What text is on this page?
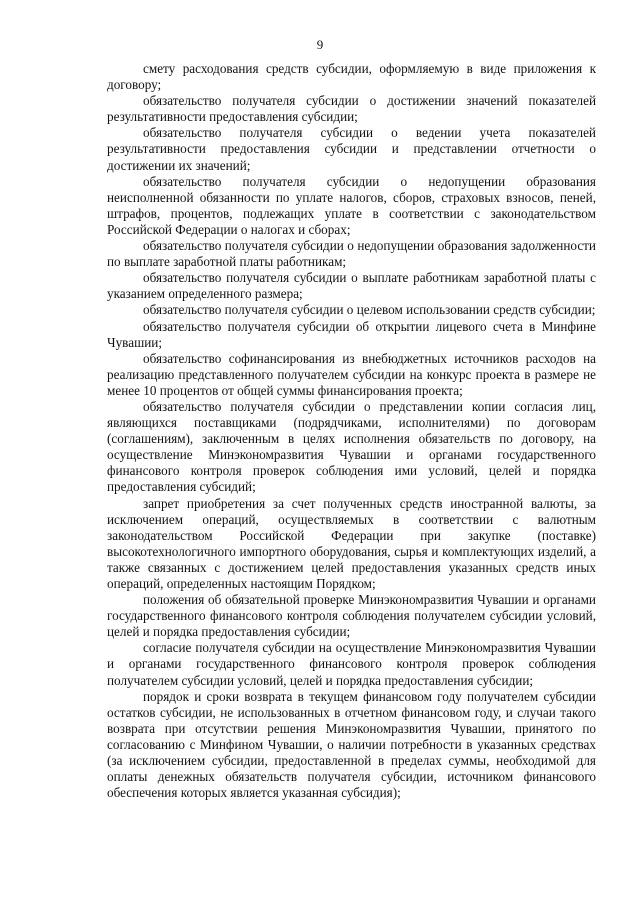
9

смету расходования средств субсидии, оформляемую в виде приложения к договору;

обязательство получателя субсидии о достижении значений показателей результативности предоставления субсидии;

обязательство получателя субсидии о ведении учета показателей результативности предоставления субсидии и представлении отчетности о достижении их значений;

обязательство получателя субсидии о недопущении образования неисполненной обязанности по уплате налогов, сборов, страховых взносов, пеней, штрафов, процентов, подлежащих уплате в соответствии с законодательством Российской Федерации о налогах и сборах;

обязательство получателя субсидии о недопущении образования задолженности по выплате заработной платы работникам;

обязательство получателя субсидии о выплате работникам заработной платы с указанием определенного размера;

обязательство получателя субсидии о целевом использовании средств субсидии;

обязательство получателя субсидии об открытии лицевого счета в Минфине Чувашии;

обязательство софинансирования из внебюджетных источников расходов на реализацию представленного получателем субсидии на конкурс проекта в размере не менее 10 процентов от общей суммы финансирования проекта;

обязательство получателя субсидии о представлении копии согласия лиц, являющихся поставщиками (подрядчиками, исполнителями) по договорам (соглашениям), заключенным в целях исполнения обязательств по договору, на осуществление Минэкономразвития Чувашии и органами государственного финансового контроля проверок соблюдения ими условий, целей и порядка предоставления субсидий;

запрет приобретения за счет полученных средств иностранной валюты, за исключением операций, осуществляемых в соответствии с валютным законодательством Российской Федерации при закупке (поставке) высокотехнологичного импортного оборудования, сырья и комплектующих изделий, а также связанных с достижением целей предоставления указанных средств иных операций, определенных настоящим Порядком;

положения об обязательной проверке Минэкономразвития Чувашии и органами государственного финансового контроля соблюдения получателем субсидии условий, целей и порядка предоставления субсидии;

согласие получателя субсидии на осуществление Минэкономразвития Чувашии и органами государственного финансового контроля проверок соблюдения получателем субсидии условий, целей и порядка предоставления субсидии;

порядок и сроки возврата в текущем финансовом году получателем субсидии остатков субсидии, не использованных в отчетном финансовом году, и случаи такого возврата при отсутствии решения Минэкономразвития Чувашии, принятого по согласованию с Минфином Чувашии, о наличии потребности в указанных средствах (за исключением субсидии, предоставленной в пределах суммы, необходимой для оплаты денежных обязательств получателя субсидии, источником финансового обеспечения которых является указанная субсидия);
